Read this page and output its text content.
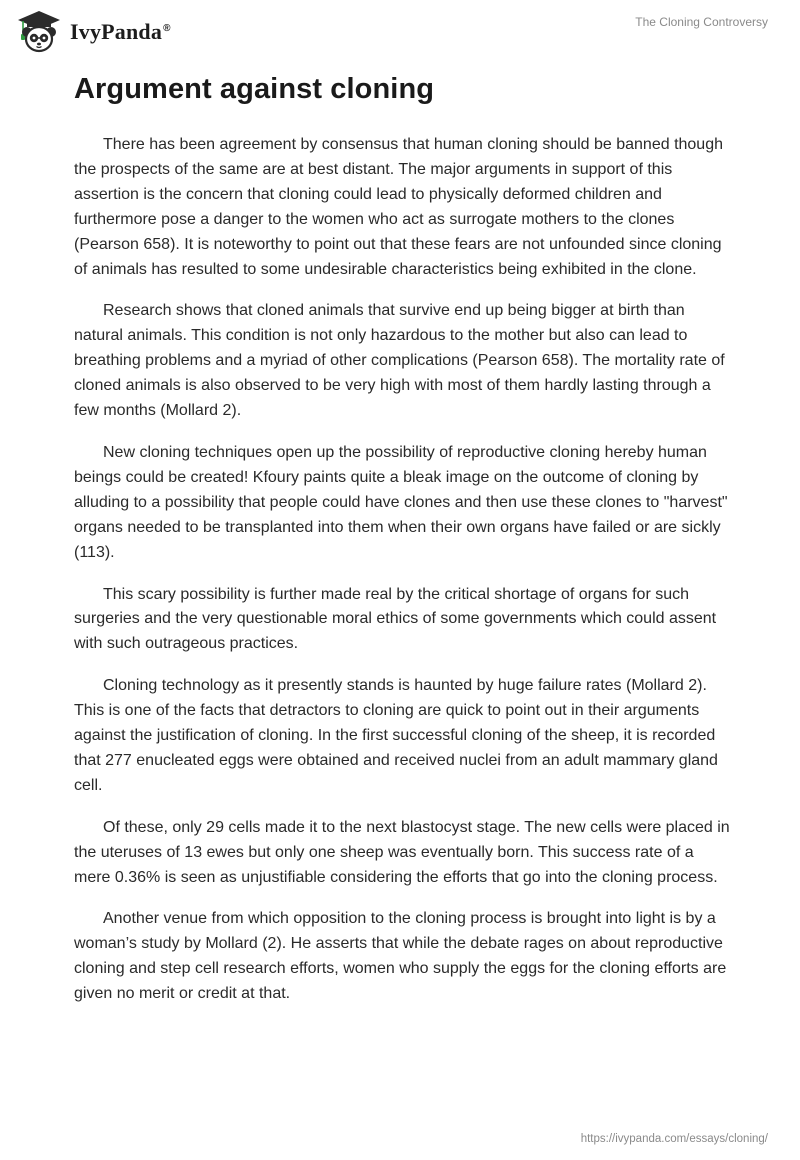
IvyPanda®	The Cloning Controversy
Argument against cloning

There has been agreement by consensus that human cloning should be banned though the prospects of the same are at best distant. The major arguments in support of this assertion is the concern that cloning could lead to physically deformed children and furthermore pose a danger to the women who act as surrogate mothers to the clones (Pearson 658). It is noteworthy to point out that these fears are not unfounded since cloning of animals has resulted to some undesirable characteristics being exhibited in the clone.

Research shows that cloned animals that survive end up being bigger at birth than natural animals. This condition is not only hazardous to the mother but also can lead to breathing problems and a myriad of other complications (Pearson 658). The mortality rate of cloned animals is also observed to be very high with most of them hardly lasting through a few months (Mollard 2).

New cloning techniques open up the possibility of reproductive cloning hereby human beings could be created! Kfoury paints quite a bleak image on the outcome of cloning by alluding to a possibility that people could have clones and then use these clones to "harvest" organs needed to be transplanted into them when their own organs have failed or are sickly (113).

This scary possibility is further made real by the critical shortage of organs for such surgeries and the very questionable moral ethics of some governments which could assent with such outrageous practices.

Cloning technology as it presently stands is haunted by huge failure rates (Mollard 2). This is one of the facts that detractors to cloning are quick to point out in their arguments against the justification of cloning. In the first successful cloning of the sheep, it is recorded that 277 enucleated eggs were obtained and received nuclei from an adult mammary gland cell.

Of these, only 29 cells made it to the next blastocyst stage. The new cells were placed in the uteruses of 13 ewes but only one sheep was eventually born. This success rate of a mere 0.36% is seen as unjustifiable considering the efforts that go into the cloning process.

Another venue from which opposition to the cloning process is brought into light is by a woman’s study by Mollard (2). He asserts that while the debate rages on about reproductive cloning and step cell research efforts, women who supply the eggs for the cloning efforts are given no merit or credit at that.

https://ivypanda.com/essays/cloning/
